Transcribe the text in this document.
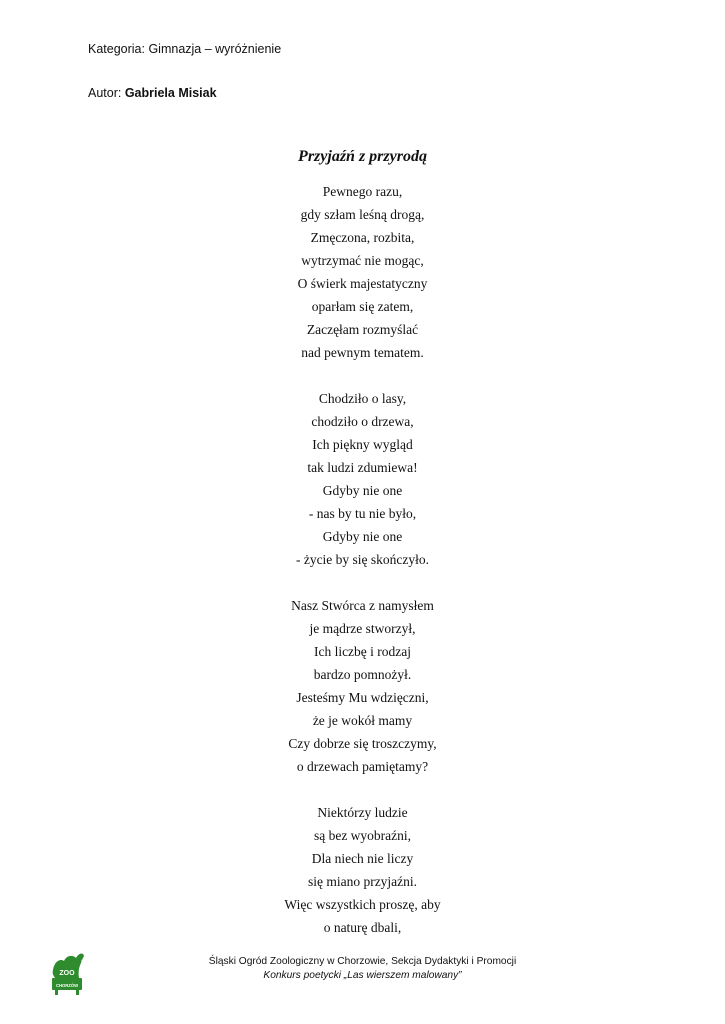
Kategoria: Gimnazja – wyróżnienie
Autor: Gabriela Misiak
Przyjaźń z przyrodą
Pewnego razu,
gdy szłam leśną drogą,
Zmęczona, rozbita,
wytrzymać nie mogąc,
O świerk majestatyczny
oparłam się zatem,
Zaczęłam rozmyślać
nad pewnym tematem.
Chodziło o lasy,
chodziło o drzewa,
Ich piękny wygląd
tak ludzi zdumiewa!
Gdyby nie one
- nas by tu nie było,
Gdyby nie one
- życie by się skończyło.
Nasz Stwórca z namysłem
je mądrze stworzył,
Ich liczbę i rodzaj
bardzo pomnożył.
Jesteśmy Mu wdzięczni,
że je wokół mamy
Czy dobrze się troszczymy,
o drzewach pamiętamy?
Niektórzy ludzie
są bez wyobraźni,
Dla niech nie liczy
się miano przyjaźni.
Więc wszystkich proszę, aby
o naturę dbali,
ZOO
CHORZÓW
Śląski Ogród Zoologiczny w Chorzowie, Sekcja Dydaktyki i Promocji
Konkurs poetycki „Las wierszem malowany”
